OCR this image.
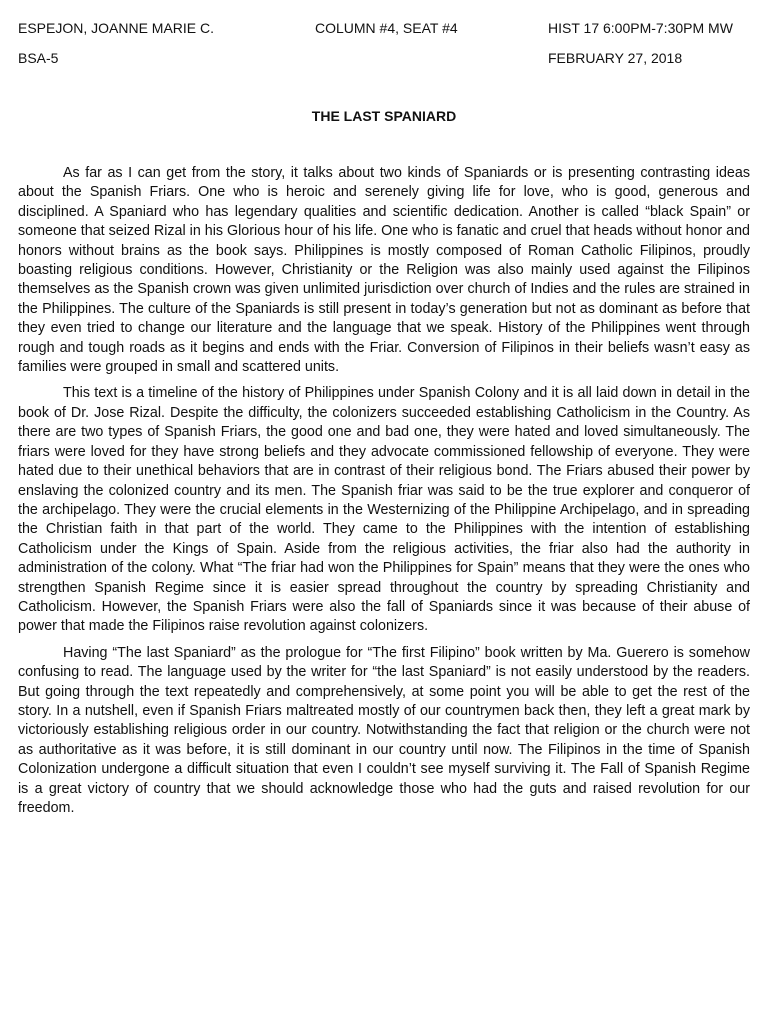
ESPEJON, JOANNE MARIE C.	COLUMN #4, SEAT #4	HIST 17 6:00PM-7:30PM MW
BSA-5	FEBRUARY 27, 2018
THE LAST SPANIARD

As far as I can get from the story, it talks about two kinds of Spaniards or is presenting contrasting ideas about the Spanish Friars. One who is heroic and serenely giving life for love, who is good, generous and disciplined. A Spaniard who has legendary qualities and scientific dedication. Another is called “black Spain” or someone that seized Rizal in his Glorious hour of his life. One who is fanatic and cruel that heads without honor and honors without brains as the book says. Philippines is mostly composed of Roman Catholic Filipinos, proudly boasting religious conditions. However, Christianity or the Religion was also mainly used against the Filipinos themselves as the Spanish crown was given unlimited jurisdiction over church of Indies and the rules are strained in the Philippines. The culture of the Spaniards is still present in today’s generation but not as dominant as before that they even tried to change our literature and the language that we speak. History of the Philippines went through rough and tough roads as it begins and ends with the Friar. Conversion of Filipinos in their beliefs wasn’t easy as families were grouped in small and scattered units.

This text is a timeline of the history of Philippines under Spanish Colony and it is all laid down in detail in the book of Dr. Jose Rizal. Despite the difficulty, the colonizers succeeded establishing Catholicism in the Country. As there are two types of Spanish Friars, the good one and bad one, they were hated and loved simultaneously. The friars were loved for they have strong beliefs and they advocate commissioned fellowship of everyone. They were hated due to their unethical behaviors that are in contrast of their religious bond. The Friars abused their power by enslaving the colonized country and its men. The Spanish friar was said to be the true explorer and conqueror of the archipelago. They were the crucial elements in the Westernizing of the Philippine Archipelago, and in spreading the Christian faith in that part of the world. They came to the Philippines with the intention of establishing Catholicism under the Kings of Spain. Aside from the religious activities, the friar also had the authority in administration of the colony. What “The friar had won the Philippines for Spain” means that they were the ones who strengthen Spanish Regime since it is easier spread throughout the country by spreading Christianity and Catholicism. However, the Spanish Friars were also the fall of Spaniards since it was because of their abuse of power that made the Filipinos raise revolution against colonizers.

Having “The last Spaniard” as the prologue for “The first Filipino” book written by Ma. Guerero is somehow confusing to read. The language used by the writer for “the last Spaniard” is not easily understood by the readers. But going through the text repeatedly and comprehensively, at some point you will be able to get the rest of the story. In a nutshell, even if Spanish Friars maltreated mostly of our countrymen back then, they left a great mark by victoriously establishing religious order in our country. Notwithstanding the fact that religion or the church were not as authoritative as it was before, it is still dominant in our country until now. The Filipinos in the time of Spanish Colonization undergone a difficult situation that even I couldn’t see myself surviving it. The Fall of Spanish Regime is a great victory of country that we should acknowledge those who had the guts and raised revolution for our freedom.
